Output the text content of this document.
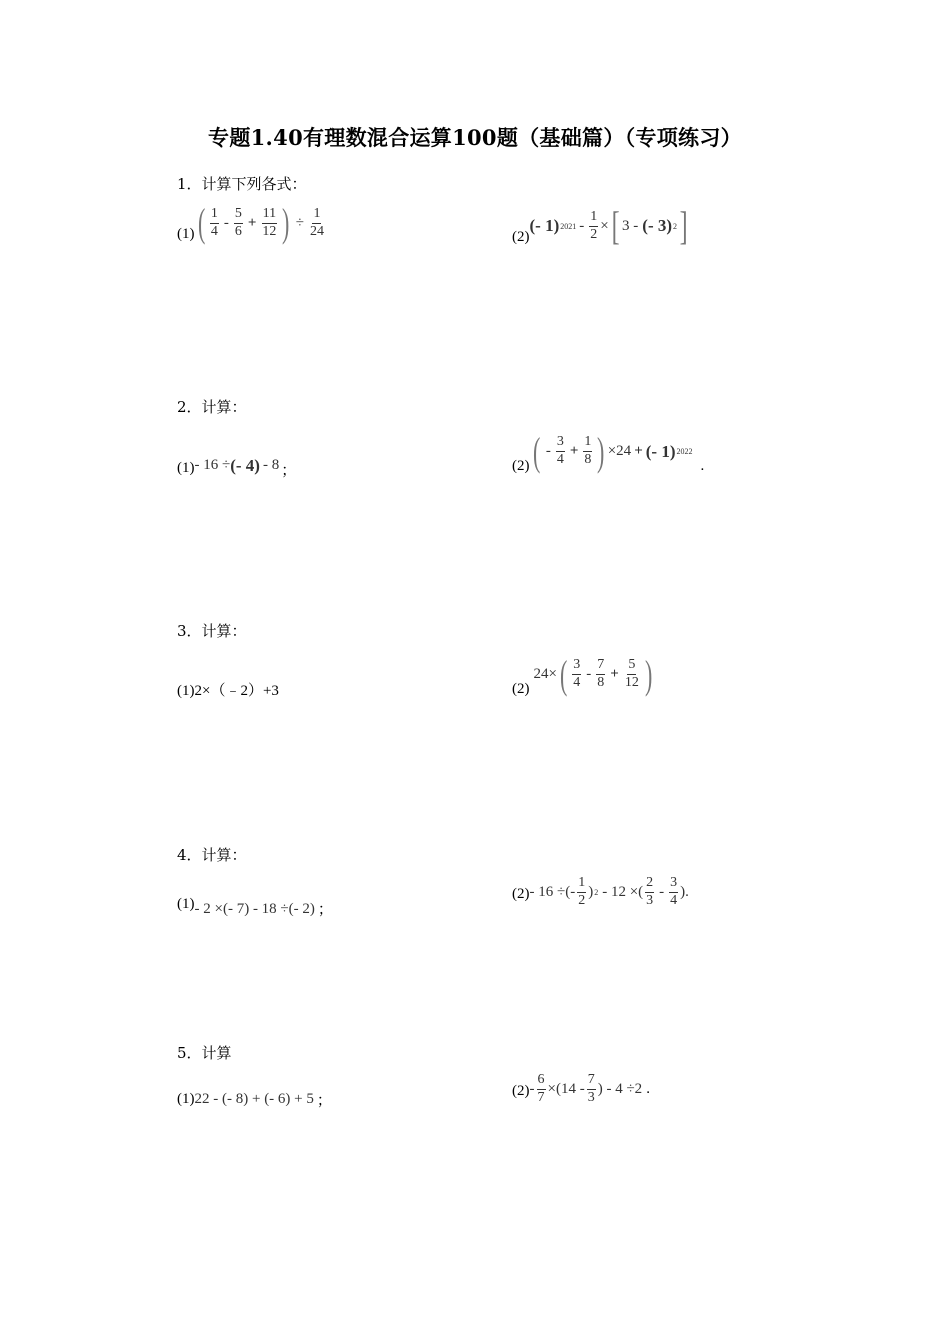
专题1.40有理数混合运算100题（基础篇）（专项练习）
1．计算下列各式：
(1) ( $\frac{1}{4} - \frac{5}{6} + \frac{11}{12}$ ) ÷ $\frac{1}{24}$	(2)
(- 1) $2021 - \frac{1}{2}$ × [ 3 - (- 3) 2 ]
2．计算：
(1) - 16 ÷ (- 4) - 8 ；	(2) ( - $\frac{3}{4} + \frac{1}{8}$ ) ×24 + (- 1) 2022
.
3．计算：
(1)2×（﹣2）+3	(2)
24× ( $\frac{3}{4} - \frac{7}{8} + \frac{5}{12}$ )
4．计算：
(1) - 2 ×(- 7) - 18 ÷(- 2) ；
(2) - 16 ÷(- $\frac{1}{2}$ ) 2 - 12 ×( $\frac{2}{3} - \frac{3}{4}$ ).
5．计算
(1) 22 - (- 8) + (- 6) + 5 ；
$(2) - \frac{6}{7} \times(14 - \frac{7}{3}$ ) - 4 ÷2 .
